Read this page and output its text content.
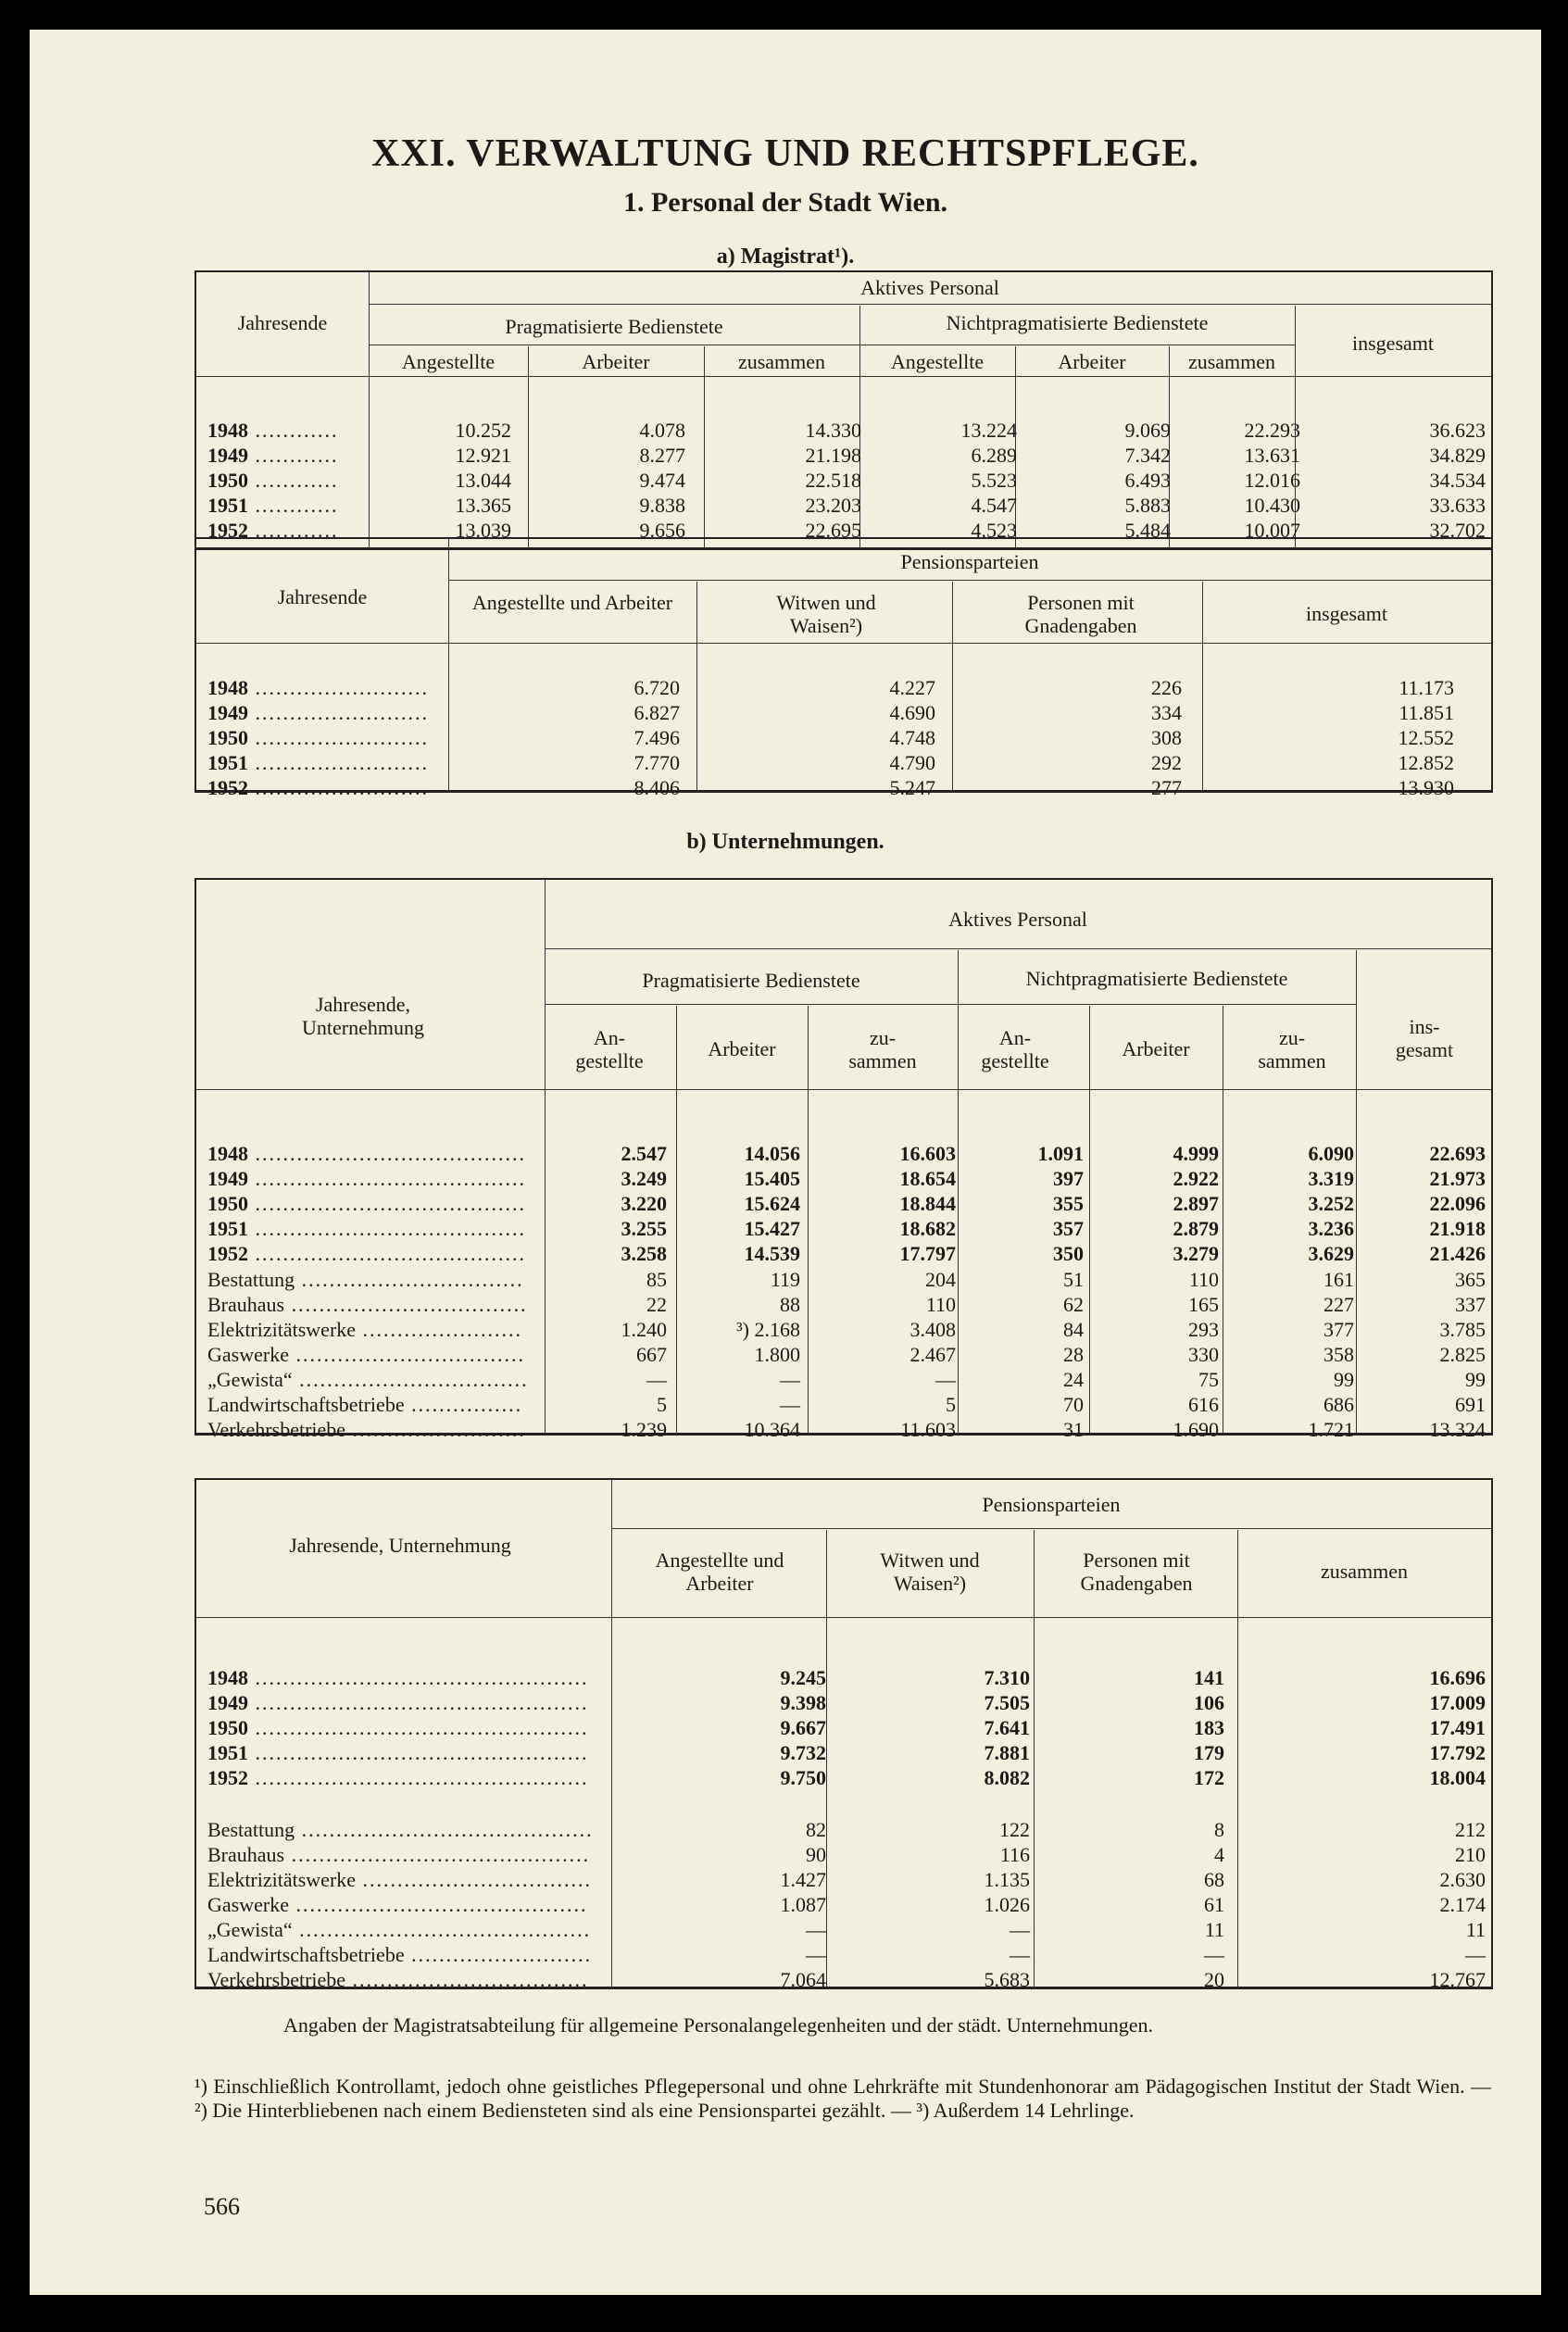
XXI. VERWALTUNG UND RECHTSPFLEGE.
1. Personal der Stadt Wien.
a) Magistrat¹).
Jahresende
Aktives Personal
Pragmatisierte Bedienstete	Nichtpragmatisierte Bedienstete
insgesamt
Angestellte	Arbeiter	zusammen	Angestellte	Arbeiter	zusammen
1948 ............	10.252	4.078	14.330	13.224	9.069	22.293	36.623
1949 ............	12.921	8.277	21.198	6.289	7.342	13.631	34.829
1950 ............	13.044	9.474	22.518	5.523	6.493	12.016	34.534
1951 ............	13.365	9.838	23.203	4.547	5.883	10.430	33.633
1952 ............	13.039	9.656	22.695	4.523	5.484	10.007	32.702
Jahresende
Pensionsparteien
Angestellte und Arbeiter	Witwen und Waisen²)
Personen mit Gnadengaben
insgesamt
1948 .........................	6.720	4.227	226	11.173
1949 .........................	6.827	4.690	334	11.851
1950 .........................	7.496	4.748	308	12.552
1951 .........................	7.770	4.790	292	12.852
1952 .........................	8.406	5.247	277	13.930
b) Unternehmungen.
Jahresende, Unternehmung
Aktives Personal
Pragmatisierte Bedienstete	Nichtpragmatisierte Bedienstete
ins- gesamt
An- gestellte
Arbeiter	zu- sammen
An- gestellte
Arbeiter	zu- sammen
1948 .......................................	2.547	14.056	16.603	1.091	4.999	6.090	22.693
1949 .......................................	3.249	15.405	18.654	397	2.922	3.319	21.973
1950 .......................................	3.220	15.624	18.844	355	2.897	3.252	22.096
1951 .......................................	3.255	15.427	18.682	357	2.879	3.236	21.918
1952 .......................................	3.258	14.539	17.797	350	3.279	3.629	21.426
Bestattung ................................	85	119	204	51	110	161	365
Brauhaus ..................................	22	88	110	62	165	227	337
Elektrizitätswerke .......................	1.240	³) 2.168	3.408	84	293	377	3.785
Gaswerke .................................	667	1.800	2.467	28	330	358	2.825
„Gewista“ .................................	—	—	—	24	75	99	99
Landwirtschaftsbetriebe ................	5	—	5	70	616	686	691
Verkehrsbetriebe .........................	1.239	10.364	11.603	31	1.690	1.721	13.324
Jahresende, Unternehmung
Pensionsparteien
Angestellte und Arbeiter
Witwen und Waisen²)
Personen mit Gnadengaben
zusammen
1948 ................................................	9.245	7.310	141	16.696
1949 ................................................	9.398	7.505	106	17.009
1950 ................................................	9.667	7.641	183	17.491
1951 ................................................	9.732	7.881	179	17.792
1952 ................................................	9.750	8.082	172	18.004
Bestattung ..........................................	82	122	8	212
Brauhaus ...........................................	90	116	4	210
Elektrizitätswerke .................................	1.427	1.135	68	2.630
Gaswerke ..........................................	1.087	1.026	61	2.174
„Gewista“ ..........................................	—	—	11	11
Landwirtschaftsbetriebe ..........................	—	—	—	—
Verkehrsbetriebe ..................................	7.064	5.683	20	12.767
Angaben der Magistratsabteilung für allgemeine Personalangelegenheiten und der städt. Unternehmungen.
¹) Einschließlich Kontrollamt, jedoch ohne geistliches Pflegepersonal und ohne Lehrkräfte mit Stundenhonorar am Pädagogischen Institut der Stadt Wien. — ²) Die Hinterbliebenen nach einem Bediensteten sind als eine Pensionspartei gezählt. — ³) Außerdem 14 Lehrlinge.
566
